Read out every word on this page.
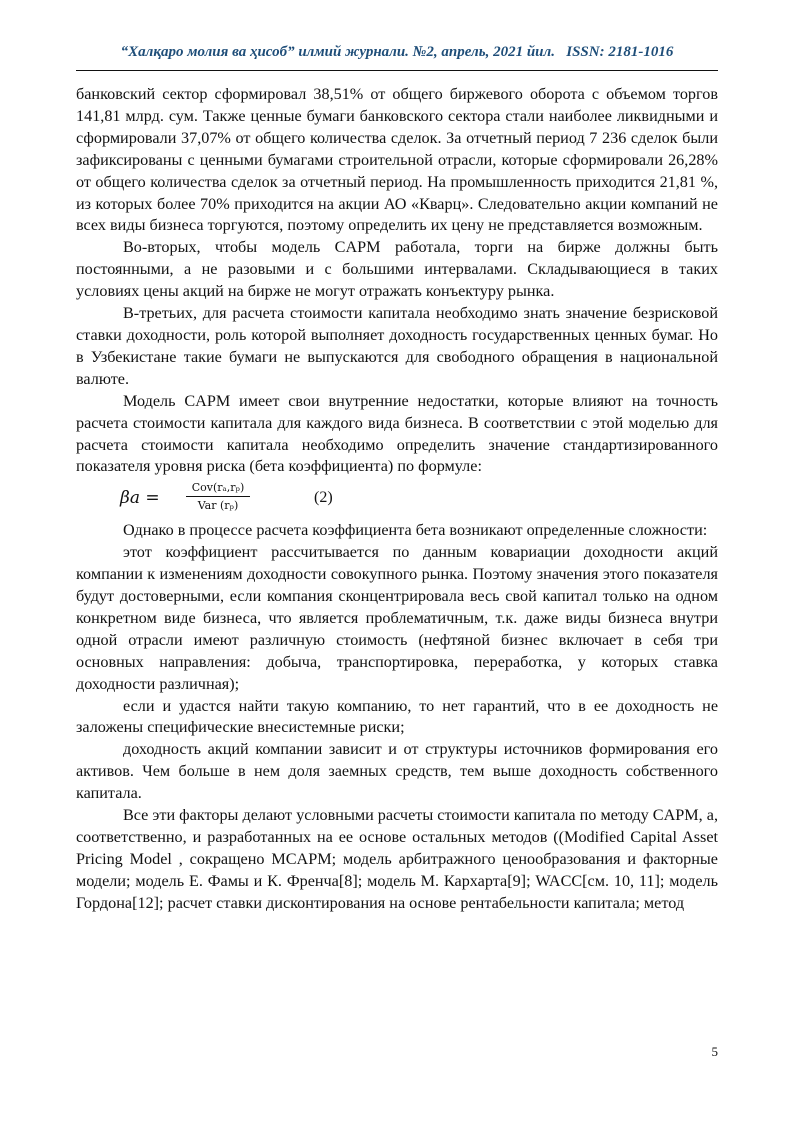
“Халқаро молия ва ҳисоб” илмий журнали. №2, апрель, 2021 йил. ISSN: 2181-1016

банковский сектор сформировал 38,51% от общего биржевого оборота с объемом торгов 141,81 млрд. сум. Также ценные бумаги банковского сектора стали наиболее ликвидными и сформировали 37,07% от общего количества сделок. За отчетный период 7 236 сделок были зафиксированы с ценными бумагами строительной отрасли, которые сформировали 26,28% от общего количества сделок за отчетный период. На промышленность приходится 21,81 %, из которых более 70% приходится на акции АО «Кварц». Следовательно акции компаний не всех виды бизнеса торгуются, поэтому определить их цену не представляется возможным.

Во-вторых, чтобы модель CAPM работала, торги на бирже должны быть постоянными, а не разовыми и с большими интервалами. Складывающиеся в таких условиях цены акций на бирже не могут отражать конъектуру рынка.

В-третьих, для расчета стоимости капитала необходимо знать значение безрисковой ставки доходности, роль которой выполняет доходность государственных ценных бумаг. Но в Узбекистане такие бумаги не выпускаются для свободного обращения в национальной валюте.

Модель CAPM имеет свои внутренние недостатки, которые влияют на точность расчета стоимости капитала для каждого вида бизнеса. В соответствии с этой моделью для расчета стоимости капитала необходимо определить значение стандартизированного показателя уровня риска (бета коэффициента) по формуле:

βa =
Cov(rₐ,rₚ)
Var (rₚ)	(2)

Однако в процессе расчета коэффициента бета возникают определенные сложности:

этот коэффициент рассчитывается по данным ковариации доходности акций компании к изменениям доходности совокупного рынка. Поэтому значения этого показателя будут достоверными, если компания сконцентрировала весь свой капитал только на одном конкретном виде бизнеса, что является проблематичным, т.к. даже виды бизнеса внутри одной отрасли имеют различную стоимость (нефтяной бизнес включает в себя три основных направления: добыча, транспортировка, переработка, у которых ставка доходности различная);

если и удастся найти такую компанию, то нет гарантий, что в ее доходность не заложены специфические внесистемные риски;

доходность акций компании зависит и от структуры источников формирования его активов. Чем больше в нем доля заемных средств, тем выше доходность собственного капитала.

Все эти факторы делают условными расчеты стоимости капитала по методу CAPM, а, соответственно, и разработанных на ее основе остальных методов ((Modified Capital Asset Pricing Model , сокращено MCAPM; модель арбитражного ценообразования и факторные модели; модель Е. Фамы и К. Френча[8]; модель М. Кархарта[9]; WACC[см. 10, 11]; модель Гордона[12]; расчет ставки дисконтирования на основе рентабельности капитала; метод

5
